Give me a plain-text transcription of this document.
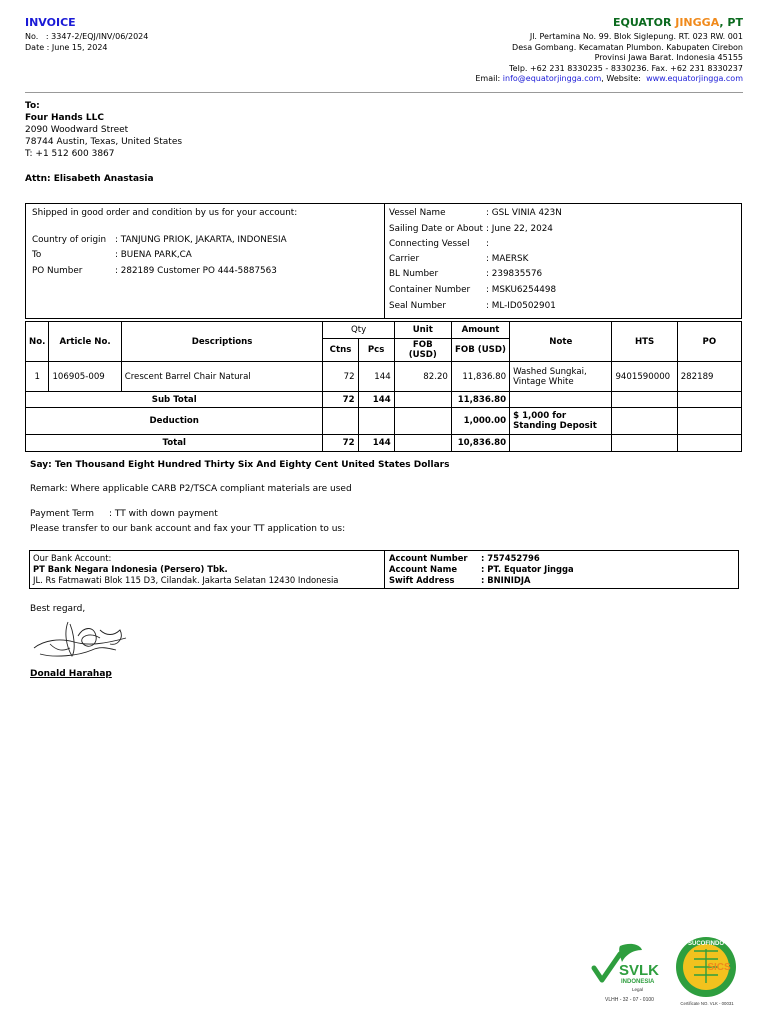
INVOICE
No.   : 3347-2/EQJ/INV/06/2024
Date : June 15, 2024
EQUATOR JINGGA, PT
Jl. Pertamina No. 99. Blok Siglepung. RT. 023 RW. 001
Desa Gombang. Kecamatan Plumbon. Kabupaten Cirebon
Provinsi Jawa Barat. Indonesia 45155
Telp. +62 231 8330235 - 8330236. Fax. +62 231 8330237
Email: info@equatorjingga.com, Website:  www.equatorjingga.com
To:
Four Hands LLC
2090 Woodward Street
78744 Austin, Texas, United States
T: +1 512 600 3867
Attn: Elisabeth Anastasia
Shipped in good order and condition by us for your account:
Country of origin : TANJUNG PRIOK, JAKARTA, INDONESIA
To	: BUENA PARK,CA
PO Number	: 282189 Customer PO 444-5887563
Vessel Name	: GSL VINIA 423N
Sailing Date or About : June 22, 2024
Connecting Vessel :
Carrier	: MAERSK
BL Number	: 239835576
Container Number : MSKU6254498
Seal Number	: ML-ID0502901
No.	Article No.	Descriptions	Qty		Unit	Amount	Note	HTS	PO
			Ctns	Pcs	FOB (USD)	FOB (USD)			
1	106905-009	Crescent Barrel Chair Natural	72	144	82.20	11,836.80	Washed Sungkai,
Vintage White	9401590000	282189
Sub Total			72	144		11,836.80			
Deduction						1,000.00	$ 1,000 for
Standing Deposit		

Total			72	144		10,836.80			
Say: Ten Thousand Eight Hundred Thirty Six And Eighty Cent United States Dollars
Remark: Where applicable CARB P2/TSCA compliant materials are used
Payment Term : TT with down payment
Please transfer to our bank account and fax your TT application to us:
Our Bank Account:
PT Bank Negara Indonesia (Persero) Tbk.
JL. Rs Fatmawati Blok 115 D3, Cilandak. Jakarta Selatan 12430 Indonesia
Account Number : 757452796
Account Name	: PT. Equator Jingga
Swift Address	: BNINIDJA
Best regard,
Donald Harahap
SVLK
INDONESIA
Legal
VLHH - 32 - 07 - 0100
SUCOFINDO
SICS
Certificate NO. VLK - 00031
